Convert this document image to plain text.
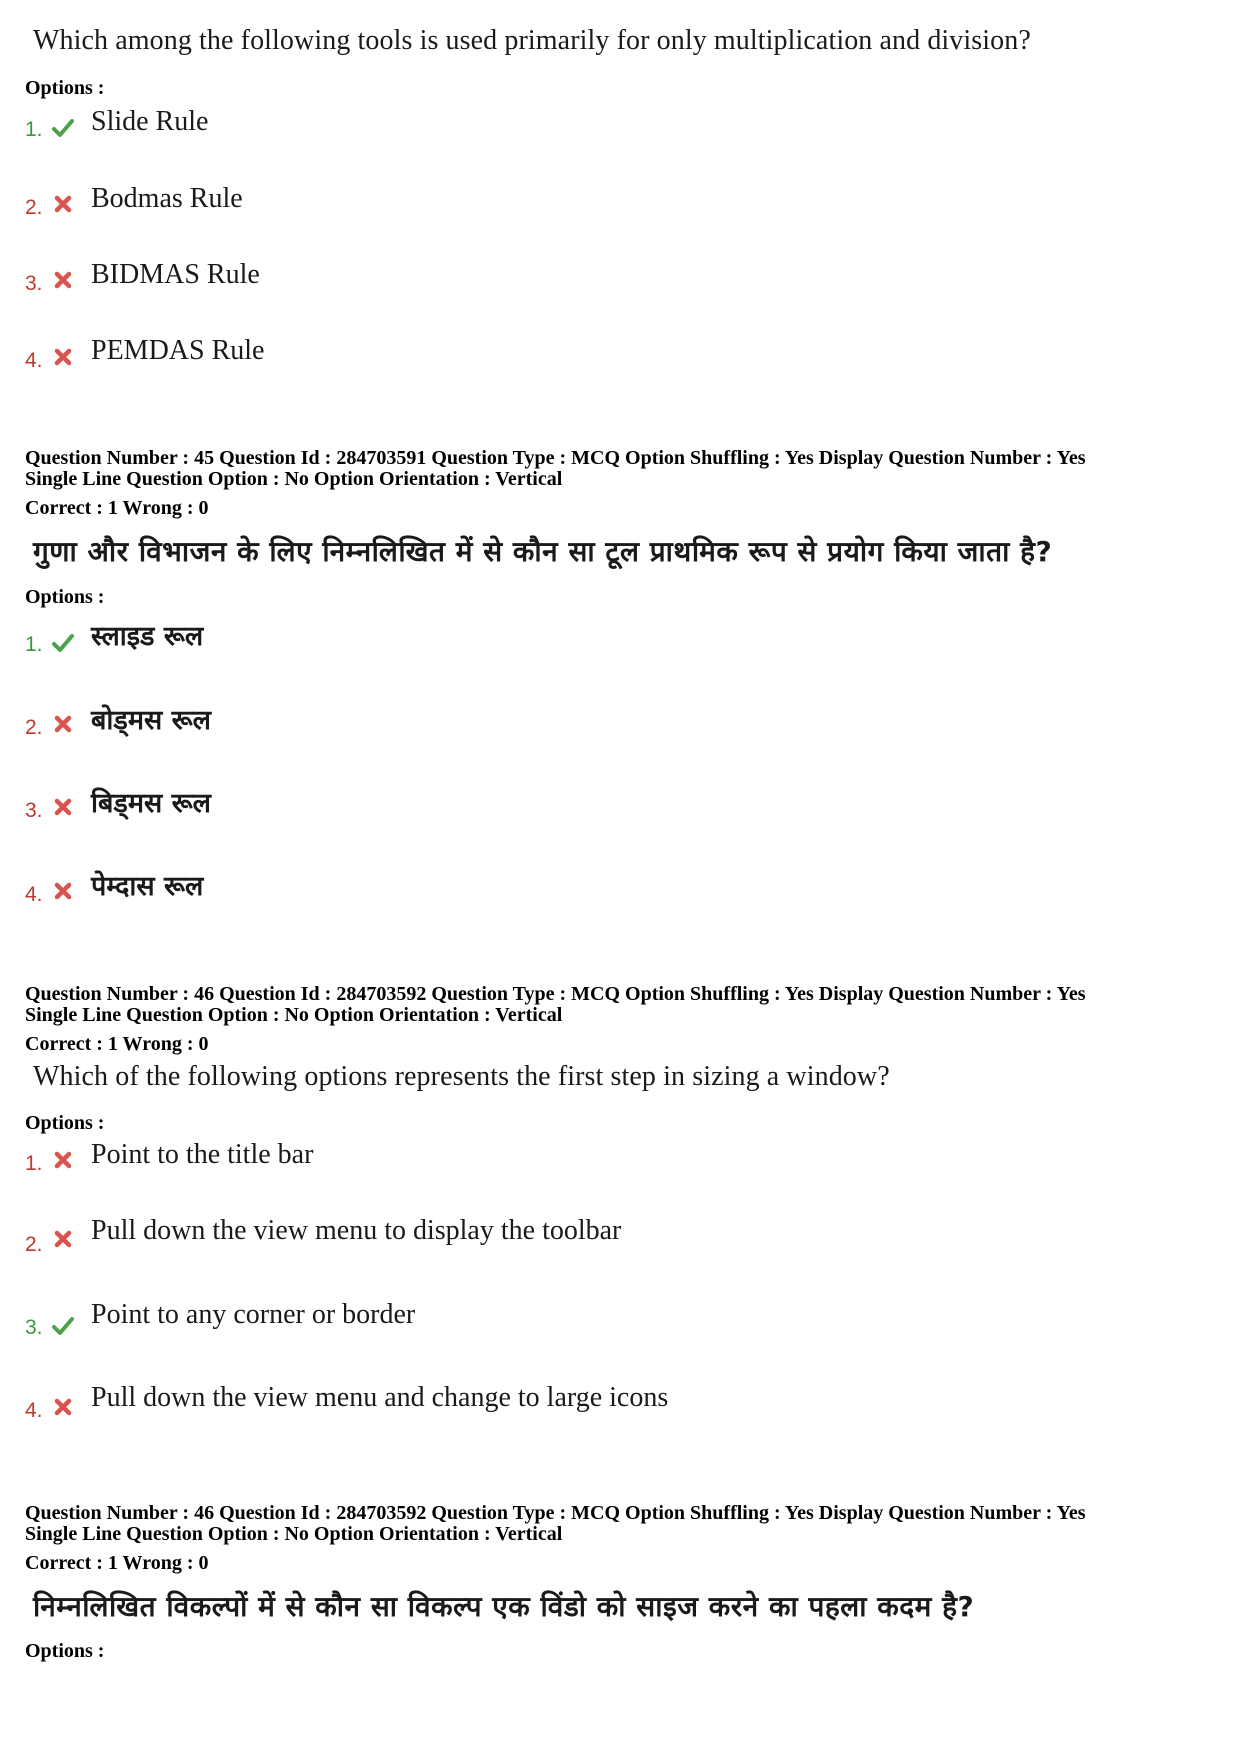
Which among the following tools is used primarily for only multiplication and division?
Options :
1. Slide Rule
2. Bodmas Rule
3. BIDMAS Rule
4. PEMDAS Rule
Question Number : 45 Question Id : 284703591 Question Type : MCQ Option Shuffling : Yes Display Question Number : Yes
Single Line Question Option : No Option Orientation : Vertical
Correct : 1 Wrong : 0
गुणा और विभाजन के लिए निम्नलिखित में से कौन सा टूल प्राथमिक रूप से प्रयोग किया जाता है?
Options :
1. स्लाइड रूल
2. बोड्मस रूल
3. बिड्मस रूल
4. पेम्दास रूल
Question Number : 46 Question Id : 284703592 Question Type : MCQ Option Shuffling : Yes Display Question Number : Yes
Single Line Question Option : No Option Orientation : Vertical
Correct : 1 Wrong : 0
Which of the following options represents the first step in sizing a window?
Options :
1. Point to the title bar
2. Pull down the view menu to display the toolbar
3. Point to any corner or border
4. Pull down the view menu and change to large icons
Question Number : 46 Question Id : 284703592 Question Type : MCQ Option Shuffling : Yes Display Question Number : Yes
Single Line Question Option : No Option Orientation : Vertical
Correct : 1 Wrong : 0
निम्नलिखित विकल्पों में से कौन सा विकल्प एक विंडो को साइज करने का पहला कदम है?
Options :
